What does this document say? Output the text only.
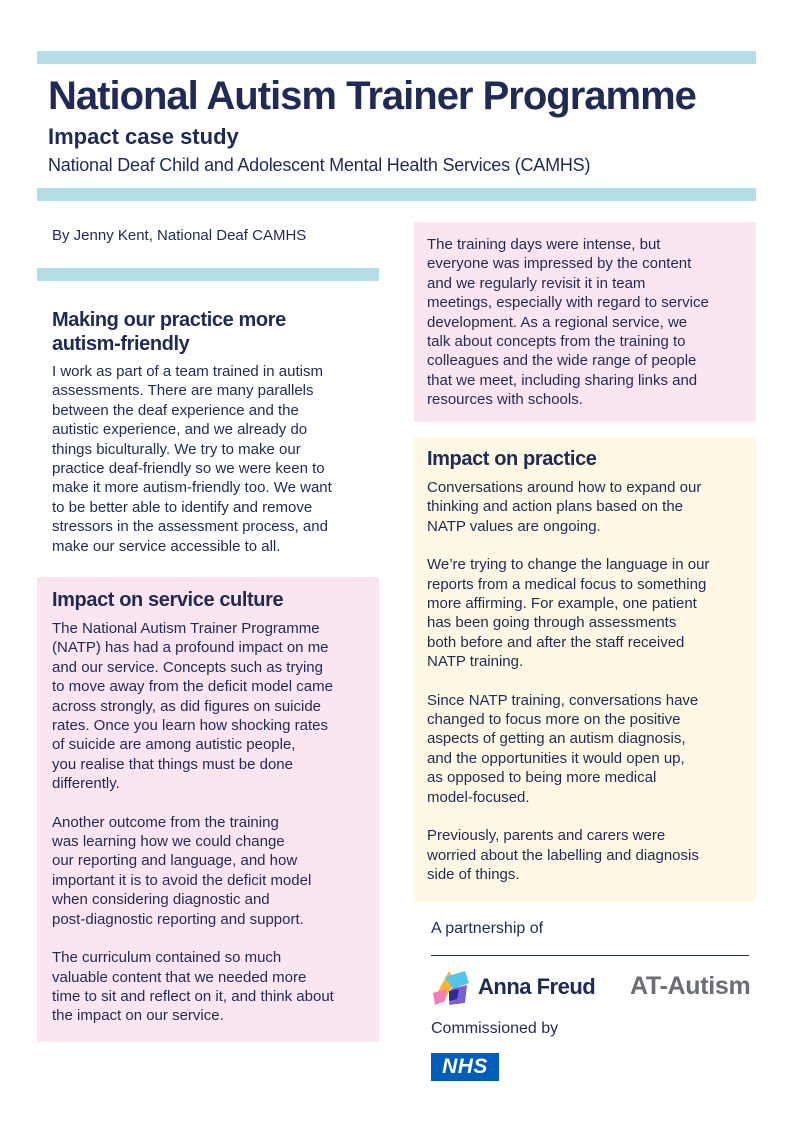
National Autism Trainer Programme
Impact case study
National Deaf Child and Adolescent Mental Health Services (CAMHS)
By Jenny Kent, National Deaf CAMHS
Making our practice more
autism-friendly

I work as part of a team trained in autism
assessments. There are many parallels
between the deaf experience and the
autistic experience, and we already do
things biculturally. We try to make our
practice deaf-friendly so we were keen to
make it more autism-friendly too. We want
to be better able to identify and remove
stressors in the assessment process, and
make our service accessible to all.

Impact on service culture

The National Autism Trainer Programme
(NATP) has had a profound impact on me
and our service. Concepts such as trying
to move away from the deficit model came
across strongly, as did figures on suicide
rates. Once you learn how shocking rates
of suicide are among autistic people,
you realise that things must be done
differently.

Another outcome from the training
was learning how we could change
our reporting and language, and how
important it is to avoid the deficit model
when considering diagnostic and
post-diagnostic reporting and support.

The curriculum contained so much
valuable content that we needed more
time to sit and reflect on it, and think about
the impact on our service.

The training days were intense, but
everyone was impressed by the content
and we regularly revisit it in team
meetings, especially with regard to service
development. As a regional service, we
talk about concepts from the training to
colleagues and the wide range of people
that we meet, including sharing links and
resources with schools.

Impact on practice

Conversations around how to expand our
thinking and action plans based on the
NATP values are ongoing.

We’re trying to change the language in our
reports from a medical focus to something
more affirming. For example, one patient
has been going through assessments
both before and after the staff received
NATP training.

Since NATP training, conversations have
changed to focus more on the positive
aspects of getting an autism diagnosis,
and the opportunities it would open up,
as opposed to being more medical
model-focused.

Previously, parents and carers were
worried about the labelling and diagnosis
side of things.

A partnership of
Anna Freud AT-Autism
Commissioned by
NHS
